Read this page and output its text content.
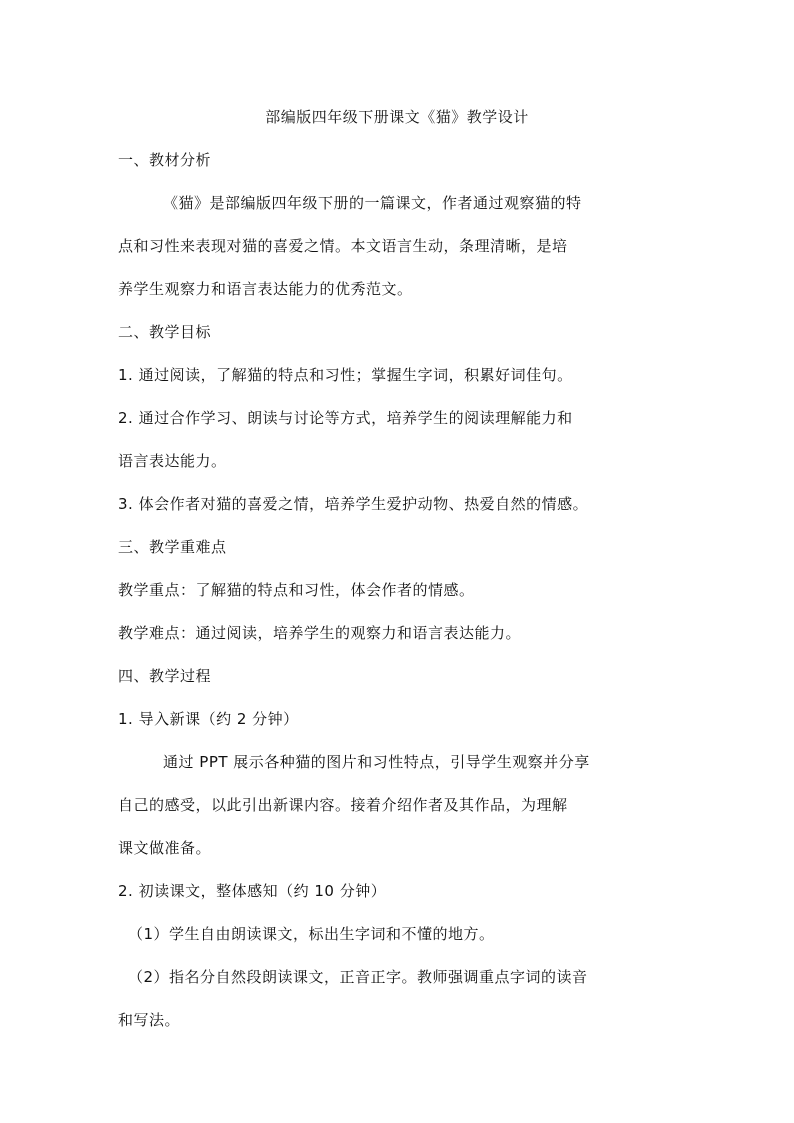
部编版四年级下册课文《猫》教学设计
一、教材分析
《猫》是部编版四年级下册的一篇课文，作者通过观察猫的特
点和习性来表现对猫的喜爱之情。本文语言生动，条理清晰，是培
养学生观察力和语言表达能力的优秀范文。
二、教学目标
1. 通过阅读，了解猫的特点和习性；掌握生字词，积累好词佳句。
2. 通过合作学习、朗读与讨论等方式，培养学生的阅读理解能力和
语言表达能力。
3. 体会作者对猫的喜爱之情，培养学生爱护动物、热爱自然的情感。
三、教学重难点
教学重点：了解猫的特点和习性，体会作者的情感。
教学难点：通过阅读，培养学生的观察力和语言表达能力。
四、教学过程
1. 导入新课（约 2 分钟）
通过 PPT 展示各种猫的图片和习性特点，引导学生观察并分享
自己的感受，以此引出新课内容。接着介绍作者及其作品，为理解
课文做准备。
2. 初读课文，整体感知（约 10 分钟）
（1）学生自由朗读课文，标出生字词和不懂的地方。
（2）指名分自然段朗读课文，正音正字。教师强调重点字词的读音
和写法。
